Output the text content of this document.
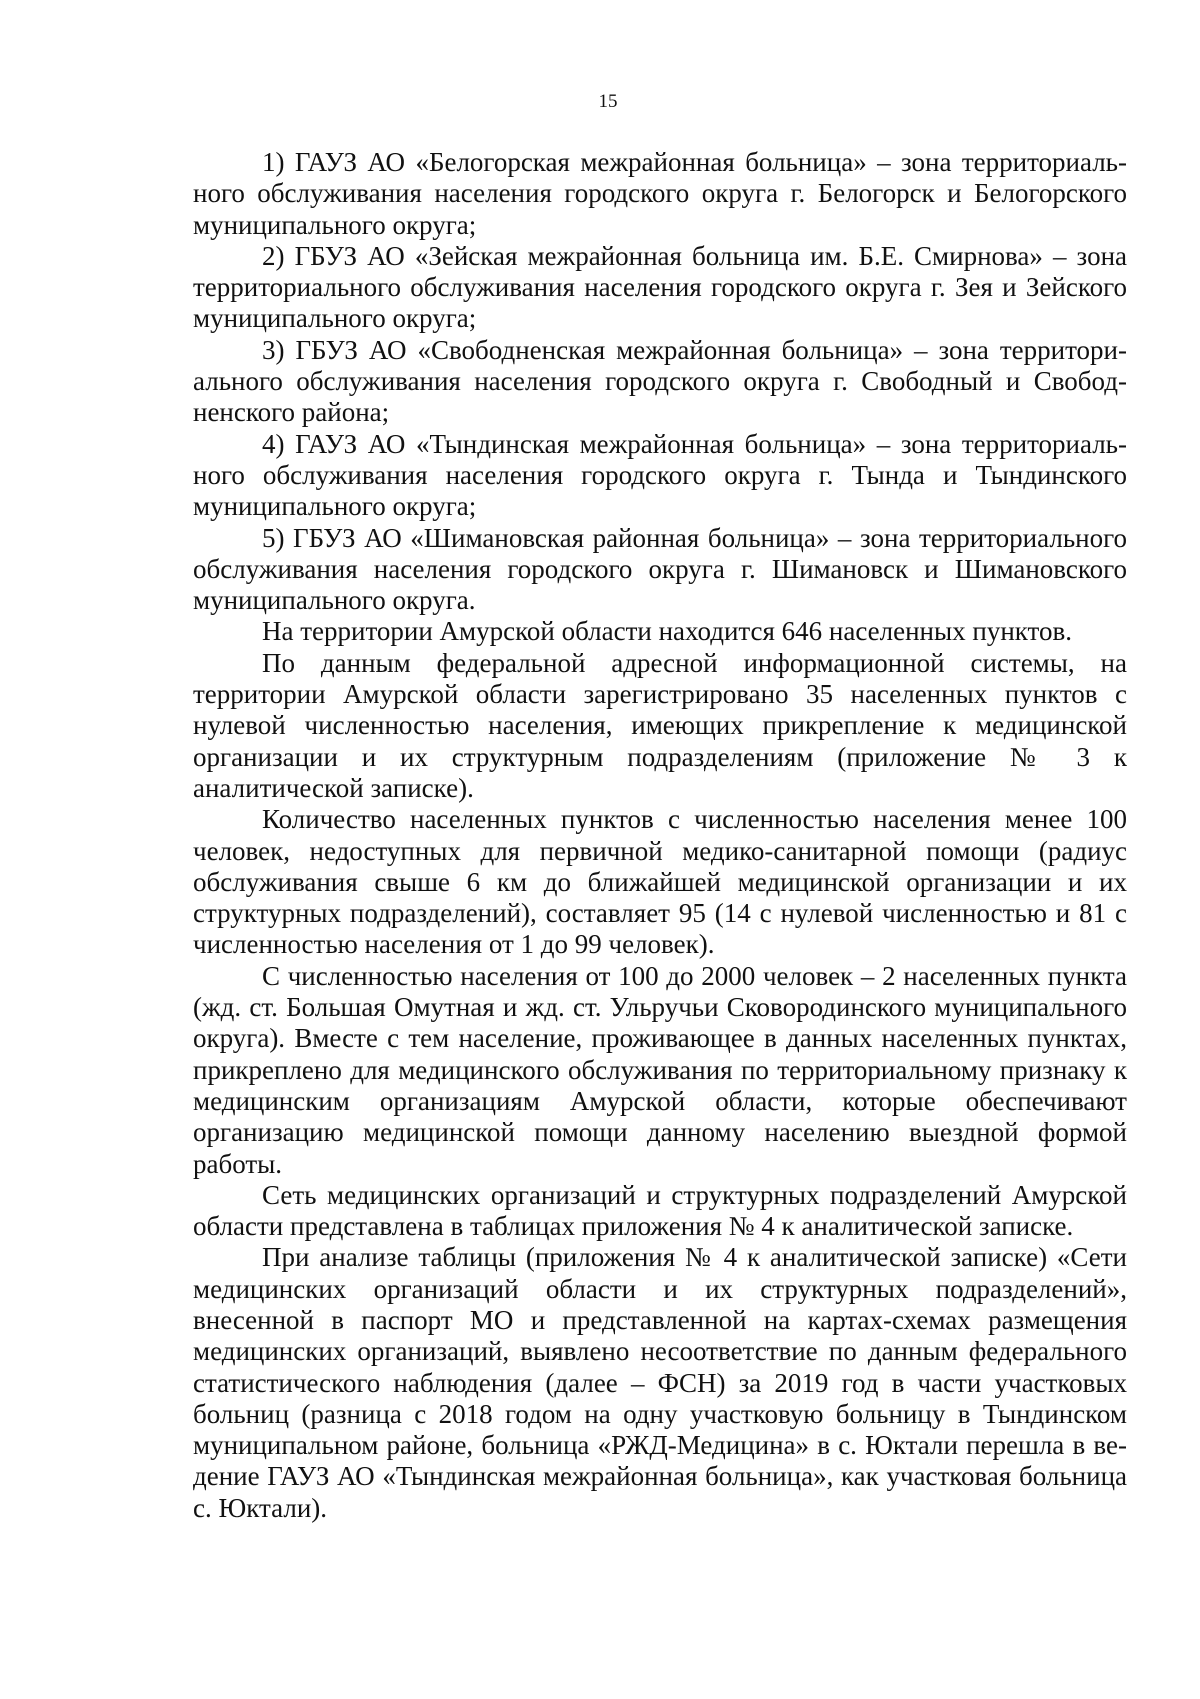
15

1) ГАУЗ АО «Белогорская межрайонная больница» – зона территориального обслуживания населения городского округа г. Белогорск и Белогорского муниципального округа;

2) ГБУЗ АО «Зейская межрайонная больница им. Б.Е. Смирнова» – зона территориального обслуживания населения городского округа г. Зея и Зейского муниципального округа;

3) ГБУЗ АО «Свободненская межрайонная больница» – зона территориального обслуживания населения городского округа г. Свободный и Свободненского района;

4) ГАУЗ АО «Тындинская межрайонная больница» – зона территориального обслуживания населения городского округа г. Тында и Тындинского муниципального округа;

5) ГБУЗ АО «Шимановская районная больница» – зона территориального обслуживания населения городского округа г. Шимановск и Шимановского муниципального округа.

На территории Амурской области находится 646 населенных пунктов.

По данным федеральной адресной информационной системы, на территории Амурской области зарегистрировано 35 населенных пунктов с нулевой численностью населения, имеющих прикрепление к медицинской организации и их структурным подразделениям (приложение № 3 к аналитической записке).

Количество населенных пунктов с численностью населения менее 100 человек, недоступных для первичной медико-санитарной помощи (радиус обслуживания свыше 6 км до ближайшей медицинской организации и их структурных подразделений), составляет 95 (14 с нулевой численностью и 81 с численностью населения от 1 до 99 человек).

С численностью населения от 100 до 2000 человек – 2 населенных пункта (жд. ст. Большая Омутная и жд. ст. Ульручьи Сковородинского муниципального округа). Вместе с тем население, проживающее в данных населенных пунктах, прикреплено для медицинского обслуживания по территориальному признаку к медицинским организациям Амурской области, которые обеспечивают организацию медицинской помощи данному населению выездной формой работы.

Сеть медицинских организаций и структурных подразделений Амурской области представлена в таблицах приложения № 4 к аналитической записке.

При анализе таблицы (приложения № 4 к аналитической записке) «Сети медицинских организаций области и их структурных подразделений», внесенной в паспорт МО и представленной на картах-схемах размещения медицинских организаций, выявлено несоответствие по данным федерального статистического наблюдения (далее – ФСН) за 2019 год в части участковых больниц (разница с 2018 годом на одну участковую больницу в Тындинском муниципальном районе, больница «РЖД-Медицина» в с. Юктали перешла в ведение ГАУЗ АО «Тындинская межрайонная больница», как участковая больница с. Юктали).
